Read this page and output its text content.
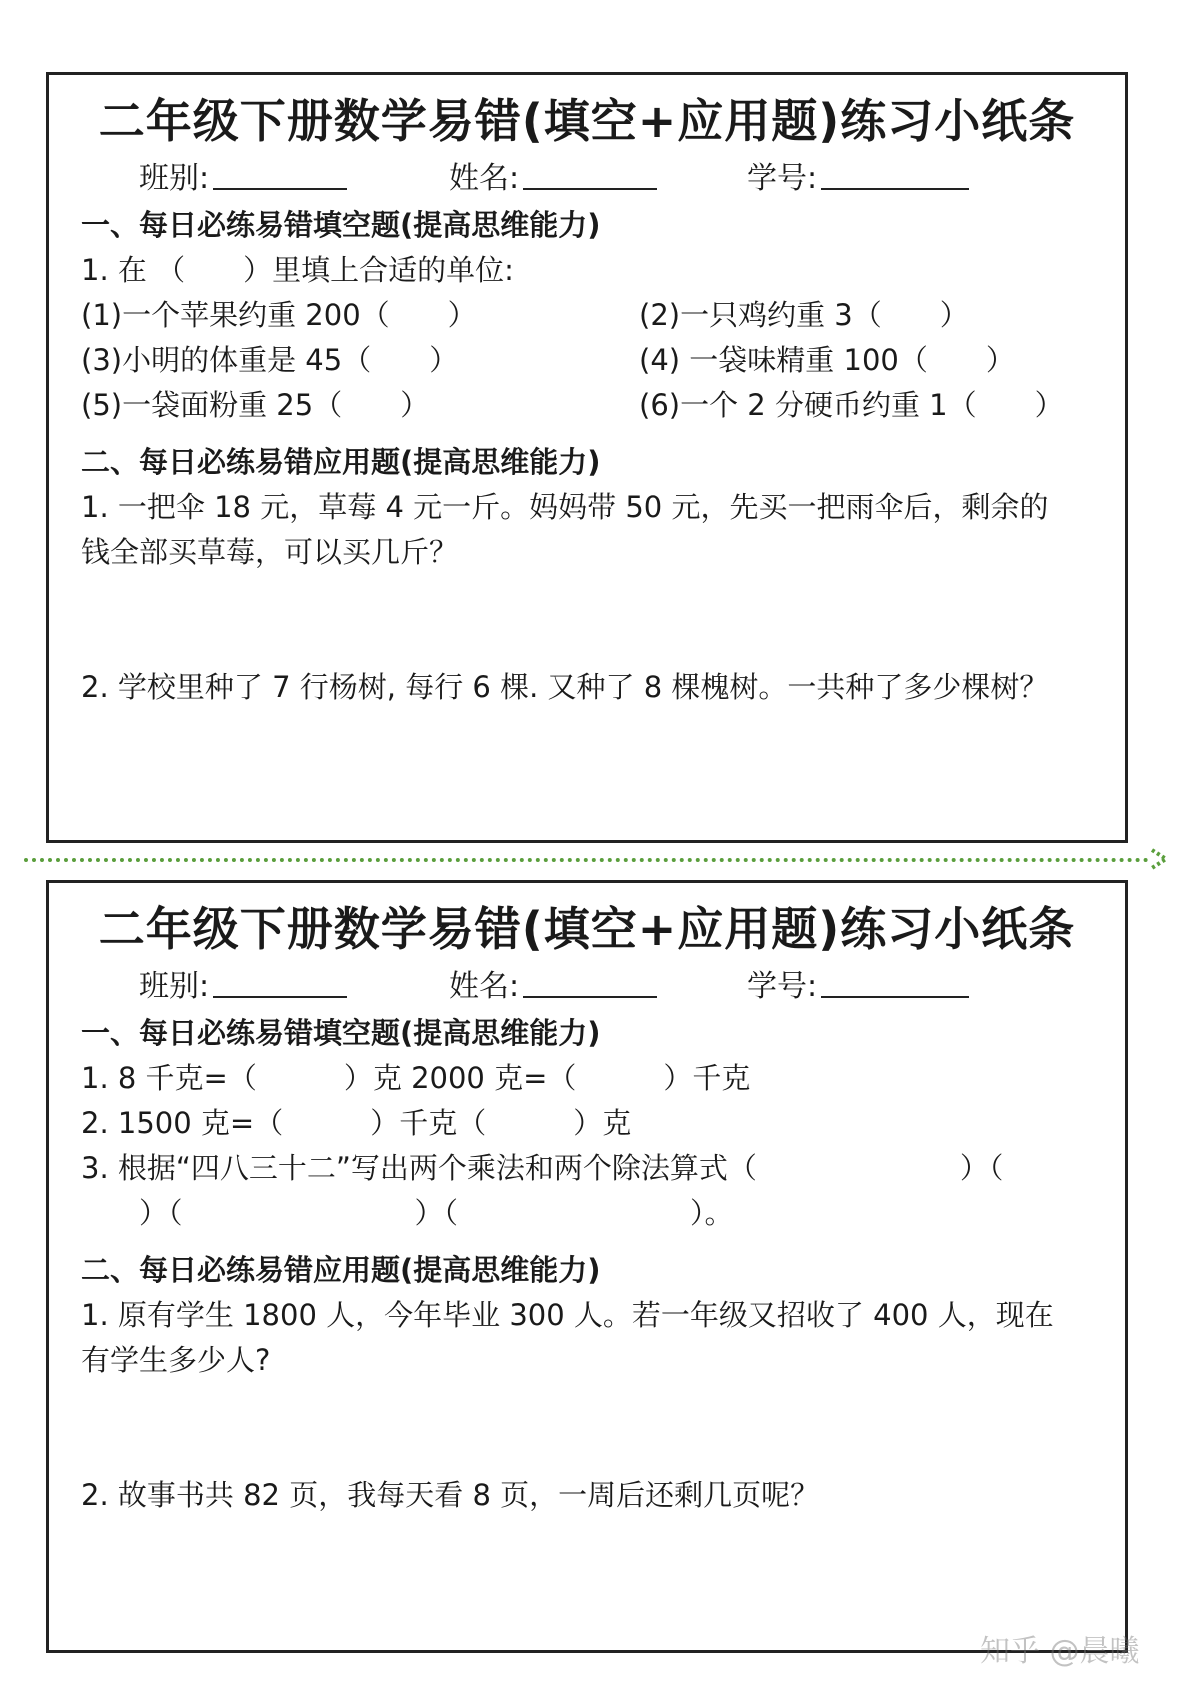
二年级下册数学易错(填空+应用题)练习小纸条
班别:	姓名:	学号:
一、每日必练易错填空题(提高思维能力)
1. 在 （　　）里填上合适的单位:
(1)一个苹果约重 200（　　）	(2)一只鸡约重 3（　　）
(3)小明的体重是 45（　　）	(4) 一袋味精重 100（　　）
(5)一袋面粉重 25（　　）	(6)一个 2 分硬币约重 1（　　）
二、每日必练易错应用题(提高思维能力)
1. 一把伞 18 元，草莓 4 元一斤。妈妈带 50 元，先买一把雨伞后，剩余的
钱全部买草莓，可以买几斤？
2. 学校里种了 7 行杨树, 每行 6 棵. 又种了 8 棵槐树。一共种了多少棵树？
二年级下册数学易错(填空+应用题)练习小纸条
班别:	姓名:	学号:
一、每日必练易错填空题(提高思维能力)
1. 8 千克=（　　　）克 2000 克=（　　　）千克
2. 1500 克=（　　　）千克（　　　）克
3. 根据“四八三十二”写出两个乘法和两个除法算式（　　　　　　　）（
　　）（　　　　　　　　）（　　　　　　　　）。
二、每日必练易错应用题(提高思维能力)
1. 原有学生 1800 人，今年毕业 300 人。若一年级又招收了 400 人，现在
有学生多少人?
2. 故事书共 82 页，我每天看 8 页，一周后还剩几页呢？
知乎 @晨曦
